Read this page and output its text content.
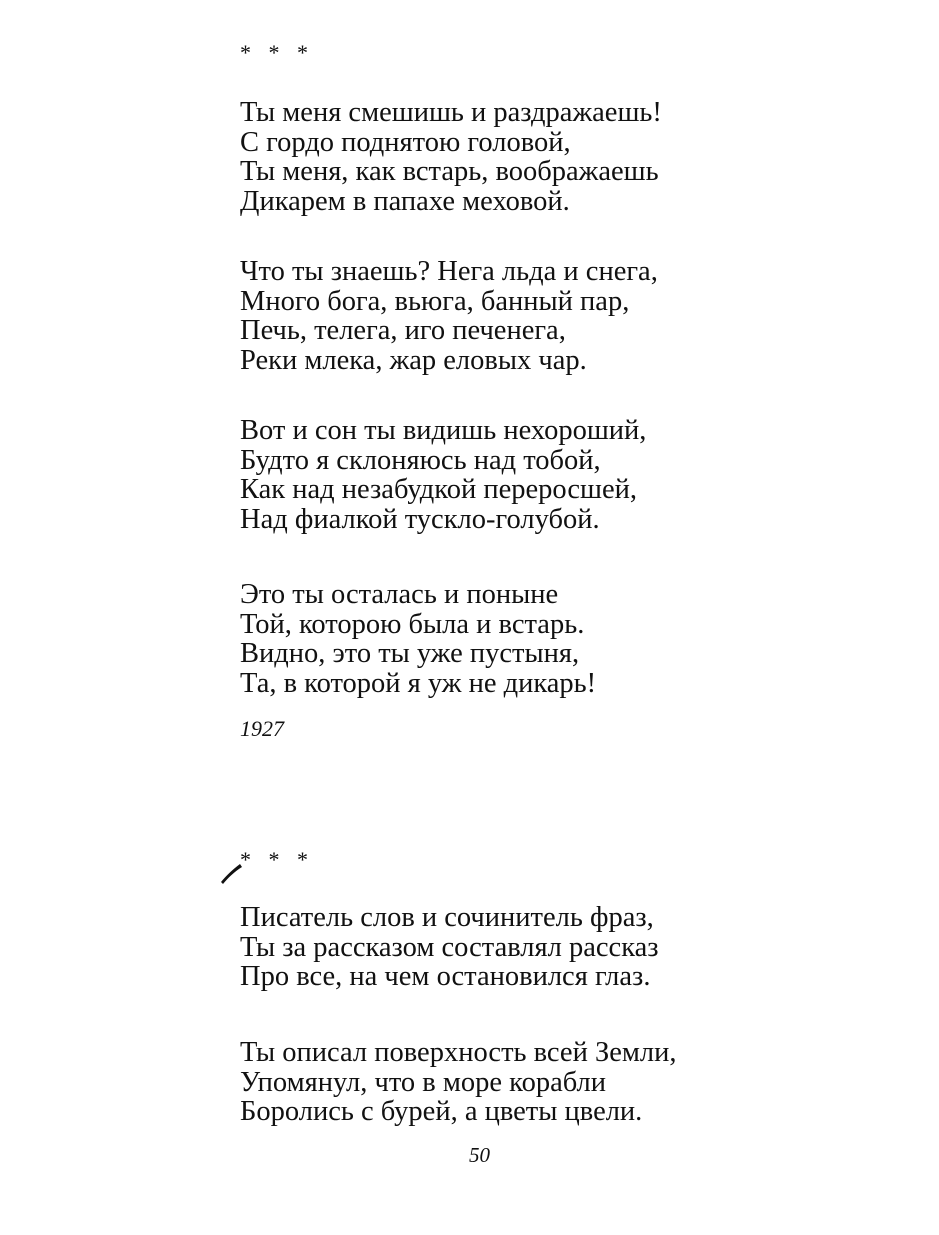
* * *
Ты меня смешишь и раздражаешь!
С гордо поднятою головой,
Ты меня, как встарь, воображаешь
Дикарем в папахе меховой.
Что ты знаешь? Нега льда и снега,
Много бога, вьюга, банный пар,
Печь, телега, иго печенега,
Реки млека, жар еловых чар.
Вот и сон ты видишь нехороший,
Будто я склоняюсь над тобой,
Как над незабудкой переросшей,
Над фиалкой тускло-голубой.
Это ты осталась и поныне
Той, которою была и встарь.
Видно, это ты уже пустыня,
Та, в которой я уж не дикарь!
1927
* * *
Писатель слов и сочинитель фраз,
Ты за рассказом составлял рассказ
Про все, на чем остановился глаз.
Ты описал поверхность всей Земли,
Упомянул, что в море корабли
Боролись с бурей, а цветы цвели.
50
